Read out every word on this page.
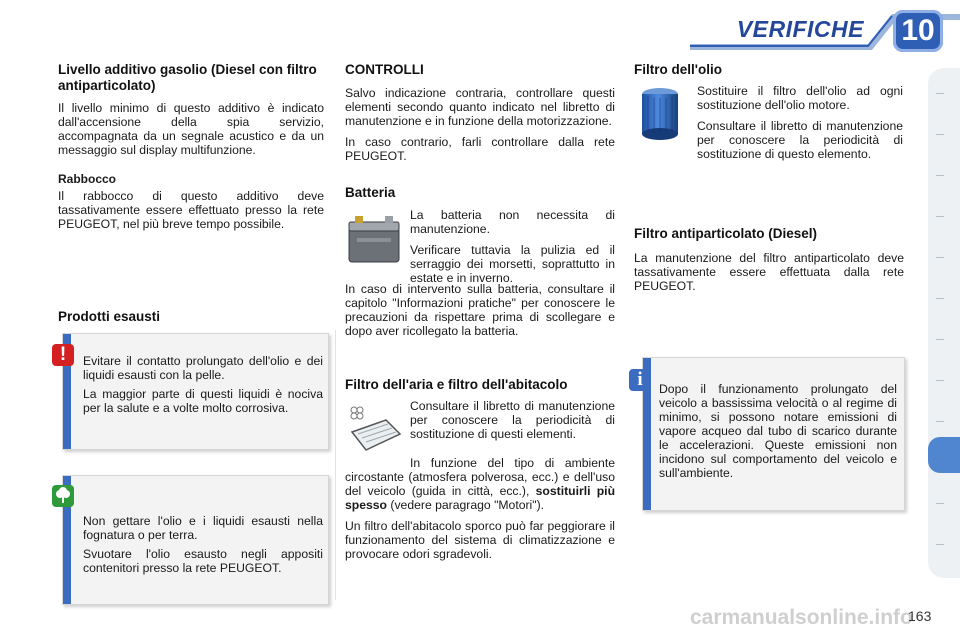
VERIFICHE 10
Livello additivo gasolio (Diesel con filtro antiparticolato)

Il livello minimo di questo additivo è indicato dall'accensione della spia servizio, accompagnata da un segnale acustico e da un messaggio sul display multifunzione.

Rabbocco

Il rabbocco di questo additivo deve tassativamente essere effettuato presso la rete PEUGEOT, nel più breve tempo possibile.

Prodotti esausti

Evitare il contatto prolungato dell'olio e dei liquidi esausti con la pelle.

La maggior parte di questi liquidi è nociva per la salute e a volte molto corrosiva.

!

Non gettare l'olio e i liquidi esausti nella fognatura o per terra.

Svuotare l'olio esausto negli appositi contenitori presso la rete PEUGEOT.

CONTROLLI

Salvo indicazione contraria, controllare questi elementi secondo quanto indicato nel libretto di manutenzione e in funzione della motorizzazione.

In caso contrario, farli controllare dalla rete PEUGEOT.

Batteria

La batteria non necessita di manutenzione.

Verificare tuttavia la pulizia ed il serraggio dei morsetti, soprattutto in estate e in inverno.

In caso di intervento sulla batteria, consultare il capitolo "Informazioni pratiche" per conoscere le precauzioni da rispettare prima di scollegare e dopo aver ricollegato la batteria.

Filtro dell'aria e filtro dell'abitacolo

Consultare il libretto di manutenzione per conoscere la periodicità di sostituzione di questi elementi.

In funzione del tipo di ambiente circostante (atmosfera polverosa, ecc.) e dell'uso del veicolo (guida in città, ecc.), sostituirli più spesso (vedere paragrago "Motori").

Un filtro dell'abitacolo sporco può far peggiorare il funzionamento del sistema di climatizzazione e provocare odori sgradevoli.

Filtro dell'olio

Sostituire il filtro dell'olio ad ogni sostituzione dell'olio motore.

Consultare il libretto di manutenzione per conoscere la periodicità di sostituzione di questo elemento.

Filtro antiparticolato (Diesel)

La manutenzione del filtro antiparticolato deve tassativamente essere effettuata dalla rete PEUGEOT.

Dopo il funzionamento prolungato del veicolo a bassissima velocità o al regime di minimo, si possono notare emissioni di vapore acqueo dal tubo di scarico durante le accelerazioni. Queste emissioni non incidono sul comportamento del veicolo e sull'ambiente.

i
carmanualsonline.info
163
